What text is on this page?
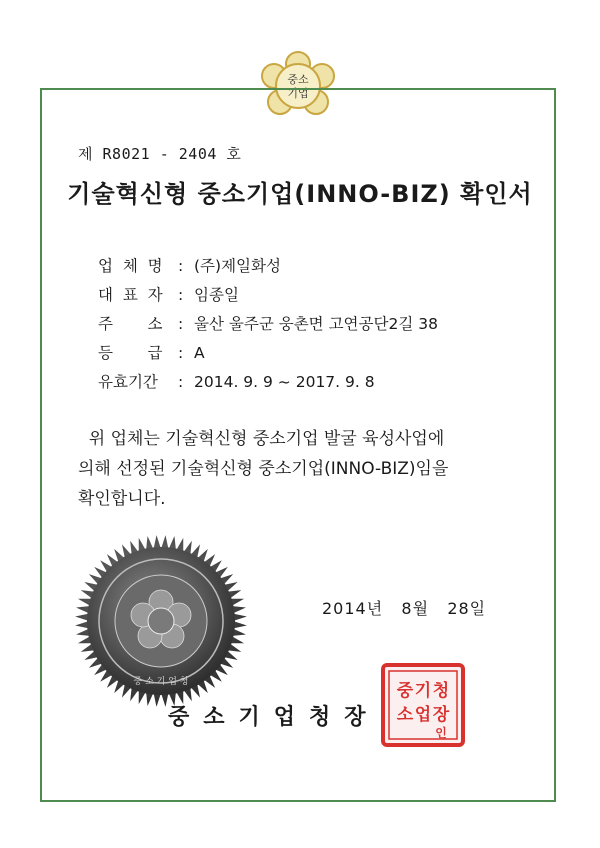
중소
기업
제 R8021 - 2404 호
기술혁신형 중소기업(INNO-BIZ) 확인서
업  체  명 : (주)제일화성
대  표  자 : 임종일
주       소 : 울산 울주군 웅촌면 고연공단2길 38
등       급 : A
유효기간 : 2014. 9. 9 ~ 2017. 9. 8
위 업체는 기술혁신형 중소기업 발굴 육성사업에
의해 선정된 기술혁신형 중소기업(INNO-BIZ)임을
확인합니다.
중 소 기 업 청
2014년   8월   28일
중소기업청장
중 기 청
소 업 장
인
